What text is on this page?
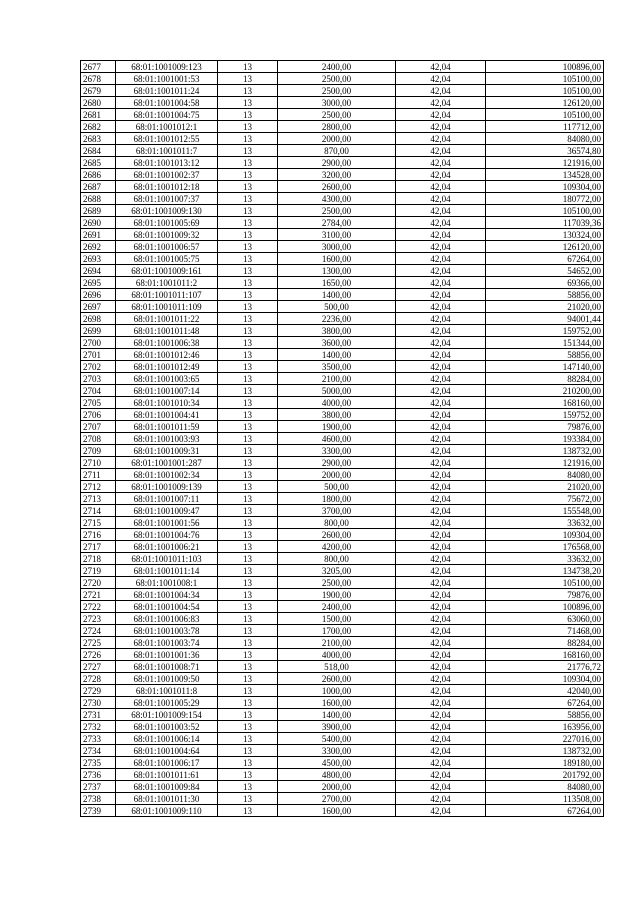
2677	68:01:1001009:123	13	2400,00	42,04	100896,00
2678	68:01:1001001:53	13	2500,00	42,04	105100,00
2679	68:01:1001011:24	13	2500,00	42,04	105100,00
2680	68:01:1001004:58	13	3000,00	42,04	126120,00
2681	68:01:1001004:75	13	2500,00	42,04	105100,00
2682	68:01:1001012:1	13	2800,00	42,04	117712,00
2683	68:01:1001012:55	13	2000,00	42,04	84080,00
2684	68:01:1001011:7	13	870,00	42,04	36574,80
2685	68:01:1001013:12	13	2900,00	42,04	121916,00
2686	68:01:1001002:37	13	3200,00	42,04	134528,00
2687	68:01:1001012:18	13	2600,00	42,04	109304,00
2688	68:01:1001007:37	13	4300,00	42,04	180772,00
2689	68:01:1001009:130	13	2500,00	42,04	105100,00
2690	68:01:1001005:69	13	2784,00	42,04	117039,36
2691	68:01:1001009:32	13	3100,00	42,04	130324,00
2692	68:01:1001006:57	13	3000,00	42,04	126120,00
2693	68:01:1001005:75	13	1600,00	42,04	67264,00
2694	68:01:1001009:161	13	1300,00	42,04	54652,00
2695	68:01:1001011:2	13	1650,00	42,04	69366,00
2696	68:01:1001011:107	13	1400,00	42,04	58856,00
2697	68:01:1001011:109	13	500,00	42,04	21020,00
2698	68:01:1001011:22	13	2236,00	42,04	94001,44
2699	68:01:1001011:48	13	3800,00	42,04	159752,00
2700	68:01:1001006:38	13	3600,00	42,04	151344,00
2701	68:01:1001012:46	13	1400,00	42,04	58856,00
2702	68:01:1001012:49	13	3500,00	42,04	147140,00
2703	68:01:1001003:65	13	2100,00	42,04	88284,00
2704	68:01:1001007:14	13	5000,00	42,04	210200,00
2705	68:01:1001010:34	13	4000,00	42,04	168160,00
2706	68:01:1001004:41	13	3800,00	42,04	159752,00
2707	68:01:1001011:59	13	1900,00	42,04	79876,00
2708	68:01:1001003:93	13	4600,00	42,04	193384,00
2709	68:01:1001009:31	13	3300,00	42,04	138732,00
2710	68:01:1001001:287	13	2900,00	42,04	121916,00
2711	68:01:1001002:34	13	2000,00	42,04	84080,00
2712	68:01:1001009:139	13	500,00	42,04	21020,00
2713	68:01:1001007:11	13	1800,00	42,04	75672,00
2714	68:01:1001009:47	13	3700,00	42,04	155548,00
2715	68:01:1001001:56	13	800,00	42,04	33632,00
2716	68:01:1001004:76	13	2600,00	42,04	109304,00
2717	68:01:1001006:21	13	4200,00	42,04	176568,00
2718	68:01:1001011:103	13	800,00	42,04	33632,00
2719	68:01:1001011:14	13	3205,00	42,04	134738,20
2720	68:01:1001008:1	13	2500,00	42,04	105100,00
2721	68:01:1001004:34	13	1900,00	42,04	79876,00
2722	68:01:1001004:54	13	2400,00	42,04	100896,00
2723	68:01:1001006:83	13	1500,00	42,04	63060,00
2724	68:01:1001003:78	13	1700,00	42,04	71468,00
2725	68:01:1001003:74	13	2100,00	42,04	88284,00
2726	68:01:1001001:36	13	4000,00	42,04	168160,00
2727	68:01:1001008:71	13	518,00	42,04	21776,72
2728	68:01:1001009:50	13	2600,00	42,04	109304,00
2729	68:01:1001011:8	13	1000,00	42,04	42040,00
2730	68:01:1001005:29	13	1600,00	42,04	67264,00
2731	68:01:1001009:154	13	1400,00	42,04	58856,00
2732	68:01:1001003:52	13	3900,00	42,04	163956,00
2733	68:01:1001006:14	13	5400,00	42,04	227016,00
2734	68:01:1001004:64	13	3300,00	42,04	138732,00
2735	68:01:1001006:17	13	4500,00	42,04	189180,00
2736	68:01:1001011:61	13	4800,00	42,04	201792,00
2737	68:01:1001009:84	13	2000,00	42,04	84080,00
2738	68:01:1001011:30	13	2700,00	42,04	113508,00
2739	68:01:1001009:110	13	1600,00	42,04	67264,00
